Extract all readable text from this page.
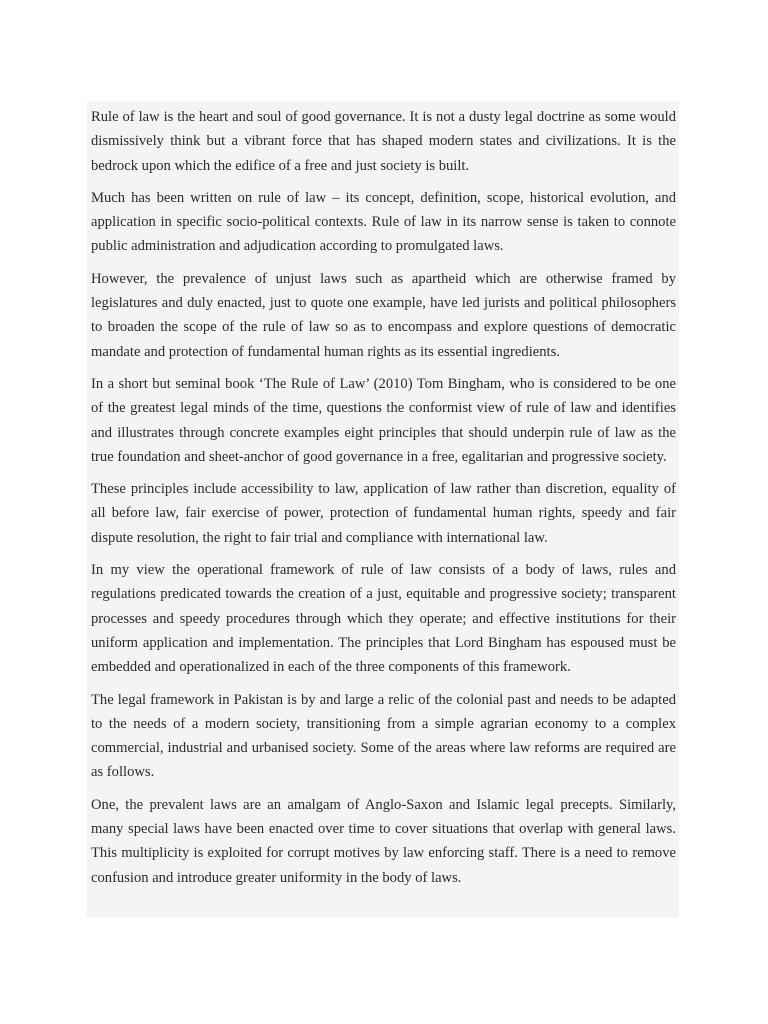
Rule of law is the heart and soul of good governance. It is not a dusty legal doctrine as some would dismissively think but a vibrant force that has shaped modern states and civilizations. It is the bedrock upon which the edifice of a free and just society is built.

Much has been written on rule of law – its concept, definition, scope, historical evolution, and application in specific socio-political contexts. Rule of law in its narrow sense is taken to connote public administration and adjudication according to promulgated laws.

However, the prevalence of unjust laws such as apartheid which are otherwise framed by legislatures and duly enacted, just to quote one example, have led jurists and political philosophers to broaden the scope of the rule of law so as to encompass and explore questions of democratic mandate and protection of fundamental human rights as its essential ingredients.

In a short but seminal book ‘The Rule of Law’ (2010) Tom Bingham, who is considered to be one of the greatest legal minds of the time, questions the conformist view of rule of law and identifies and illustrates through concrete examples eight principles that should underpin rule of law as the true foundation and sheet-anchor of good governance in a free, egalitarian and progressive society.

These principles include accessibility to law, application of law rather than discretion, equality of all before law, fair exercise of power, protection of fundamental human rights, speedy and fair dispute resolution, the right to fair trial and compliance with international law.

In my view the operational framework of rule of law consists of a body of laws, rules and regulations predicated towards the creation of a just, equitable and progressive society; transparent processes and speedy procedures through which they operate; and effective institutions for their uniform application and implementation. The principles that Lord Bingham has espoused must be embedded and operationalized in each of the three components of this framework.

The legal framework in Pakistan is by and large a relic of the colonial past and needs to be adapted to the needs of a modern society, transitioning from a simple agrarian economy to a complex commercial, industrial and urbanised society. Some of the areas where law reforms are required are as follows.

One, the prevalent laws are an amalgam of Anglo-Saxon and Islamic legal precepts. Similarly, many special laws have been enacted over time to cover situations that overlap with general laws. This multiplicity is exploited for corrupt motives by law enforcing staff. There is a need to remove confusion and introduce greater uniformity in the body of laws.
